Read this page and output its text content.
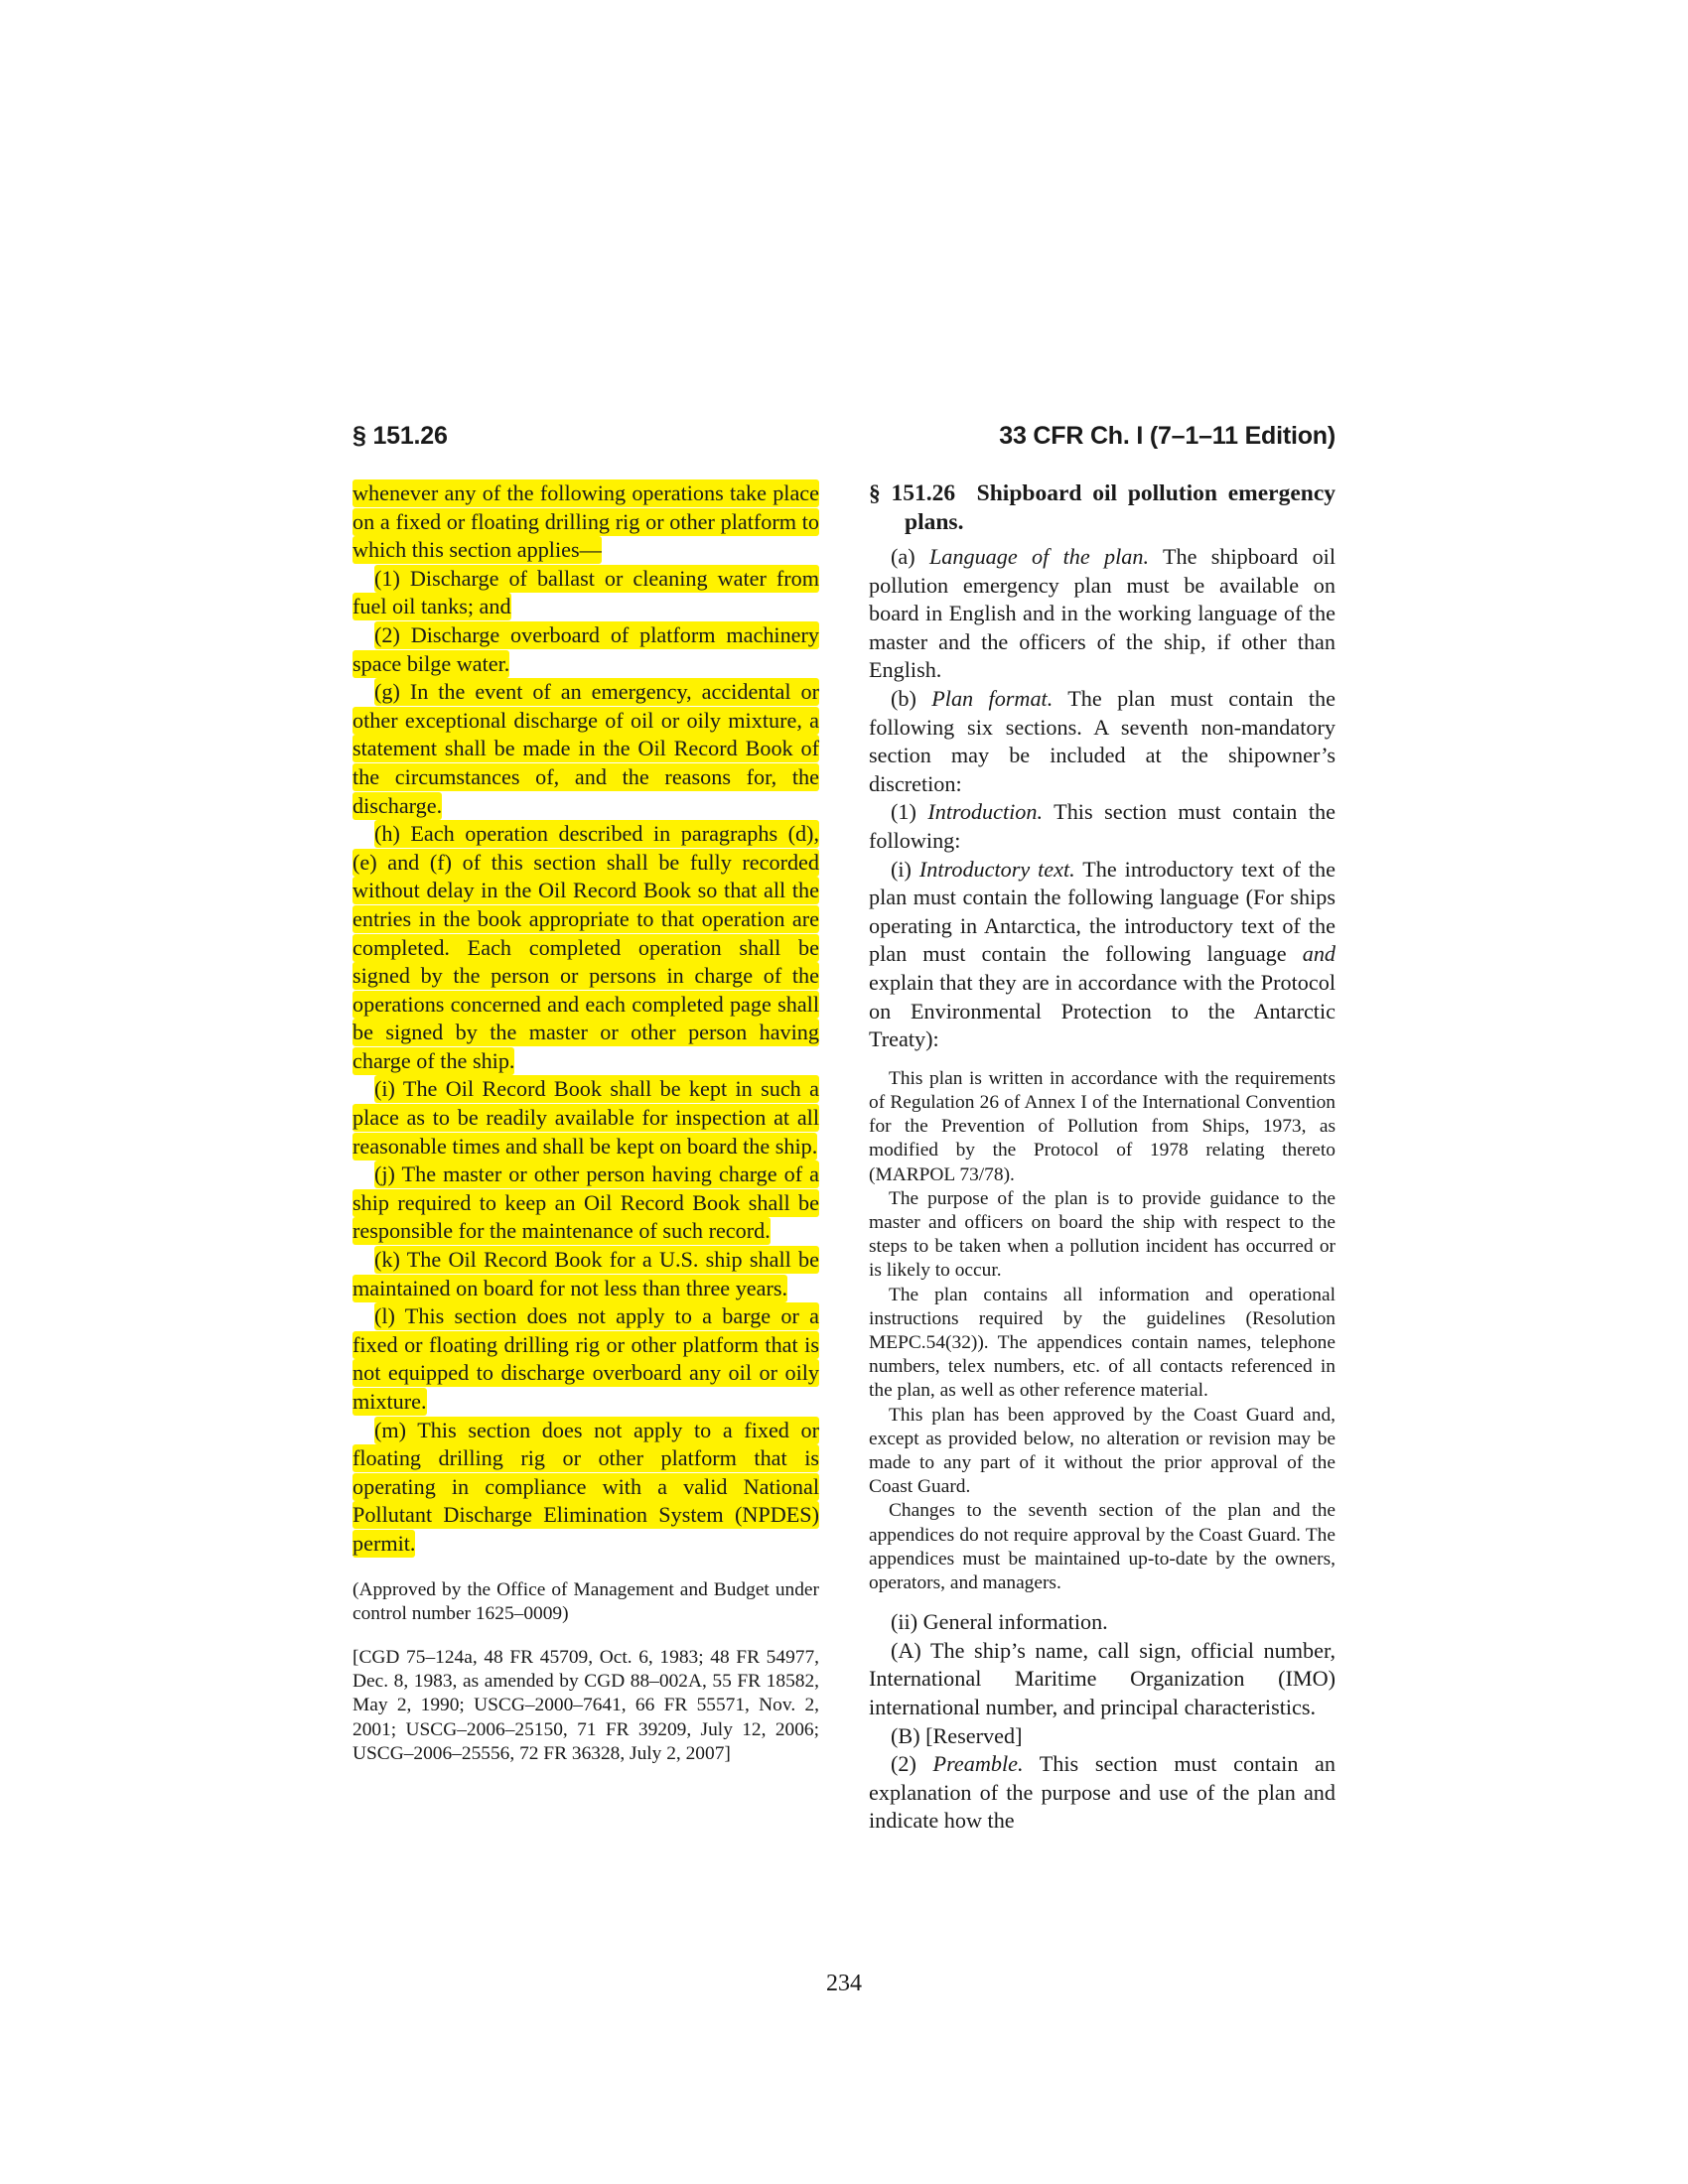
§ 151.26	33 CFR Ch. I (7–1–11 Edition)

whenever any of the following operations take place on a fixed or floating drilling rig or other platform to which this section applies—

(1) Discharge of ballast or cleaning water from fuel oil tanks; and

(2) Discharge overboard of platform machinery space bilge water.

(g) In the event of an emergency, accidental or other exceptional discharge of oil or oily mixture, a statement shall be made in the Oil Record Book of the circumstances of, and the reasons for, the discharge.

(h) Each operation described in paragraphs (d), (e) and (f) of this section shall be fully recorded without delay in the Oil Record Book so that all the entries in the book appropriate to that operation are completed. Each completed operation shall be signed by the person or persons in charge of the operations concerned and each completed page shall be signed by the master or other person having charge of the ship.

(i) The Oil Record Book shall be kept in such a place as to be readily available for inspection at all reasonable times and shall be kept on board the ship.

(j) The master or other person having charge of a ship required to keep an Oil Record Book shall be responsible for the maintenance of such record.

(k) The Oil Record Book for a U.S. ship shall be maintained on board for not less than three years.

(l) This section does not apply to a barge or a fixed or floating drilling rig or other platform that is not equipped to discharge overboard any oil or oily mixture.

(m) This section does not apply to a fixed or floating drilling rig or other platform that is operating in compliance with a valid National Pollutant Discharge Elimination System (NPDES) permit.

(Approved by the Office of Management and Budget under control number 1625–0009)

[CGD 75–124a, 48 FR 45709, Oct. 6, 1983; 48 FR 54977, Dec. 8, 1983, as amended by CGD 88–002A, 55 FR 18582, May 2, 1990; USCG–2000–7641, 66 FR 55571, Nov. 2, 2001; USCG–2006–25150, 71 FR 39209, July 12, 2006; USCG–2006–25556, 72 FR 36328, July 2, 2007]

§ 151.26 Shipboard oil pollution emergency plans.

(a) Language of the plan. The shipboard oil pollution emergency plan must be available on board in English and in the working language of the master and the officers of the ship, if other than English.

(b) Plan format. The plan must contain the following six sections. A seventh non-mandatory section may be included at the shipowner’s discretion:

(1) Introduction. This section must contain the following:

(i) Introductory text. The introductory text of the plan must contain the following language (For ships operating in Antarctica, the introductory text of the plan must contain the following language and explain that they are in accordance with the Protocol on Environmental Protection to the Antarctic Treaty):

This plan is written in accordance with the requirements of Regulation 26 of Annex I of the International Convention for the Prevention of Pollution from Ships, 1973, as modified by the Protocol of 1978 relating thereto (MARPOL 73/78).

The purpose of the plan is to provide guidance to the master and officers on board the ship with respect to the steps to be taken when a pollution incident has occurred or is likely to occur.

The plan contains all information and operational instructions required by the guidelines (Resolution MEPC.54(32)). The appendices contain names, telephone numbers, telex numbers, etc. of all contacts referenced in the plan, as well as other reference material.

This plan has been approved by the Coast Guard and, except as provided below, no alteration or revision may be made to any part of it without the prior approval of the Coast Guard.

Changes to the seventh section of the plan and the appendices do not require approval by the Coast Guard. The appendices must be maintained up-to-date by the owners, operators, and managers.

(ii) General information.

(A) The ship’s name, call sign, official number, International Maritime Organization (IMO) international number, and principal characteristics.

(B) [Reserved]

(2) Preamble. This section must contain an explanation of the purpose and use of the plan and indicate how the

234
